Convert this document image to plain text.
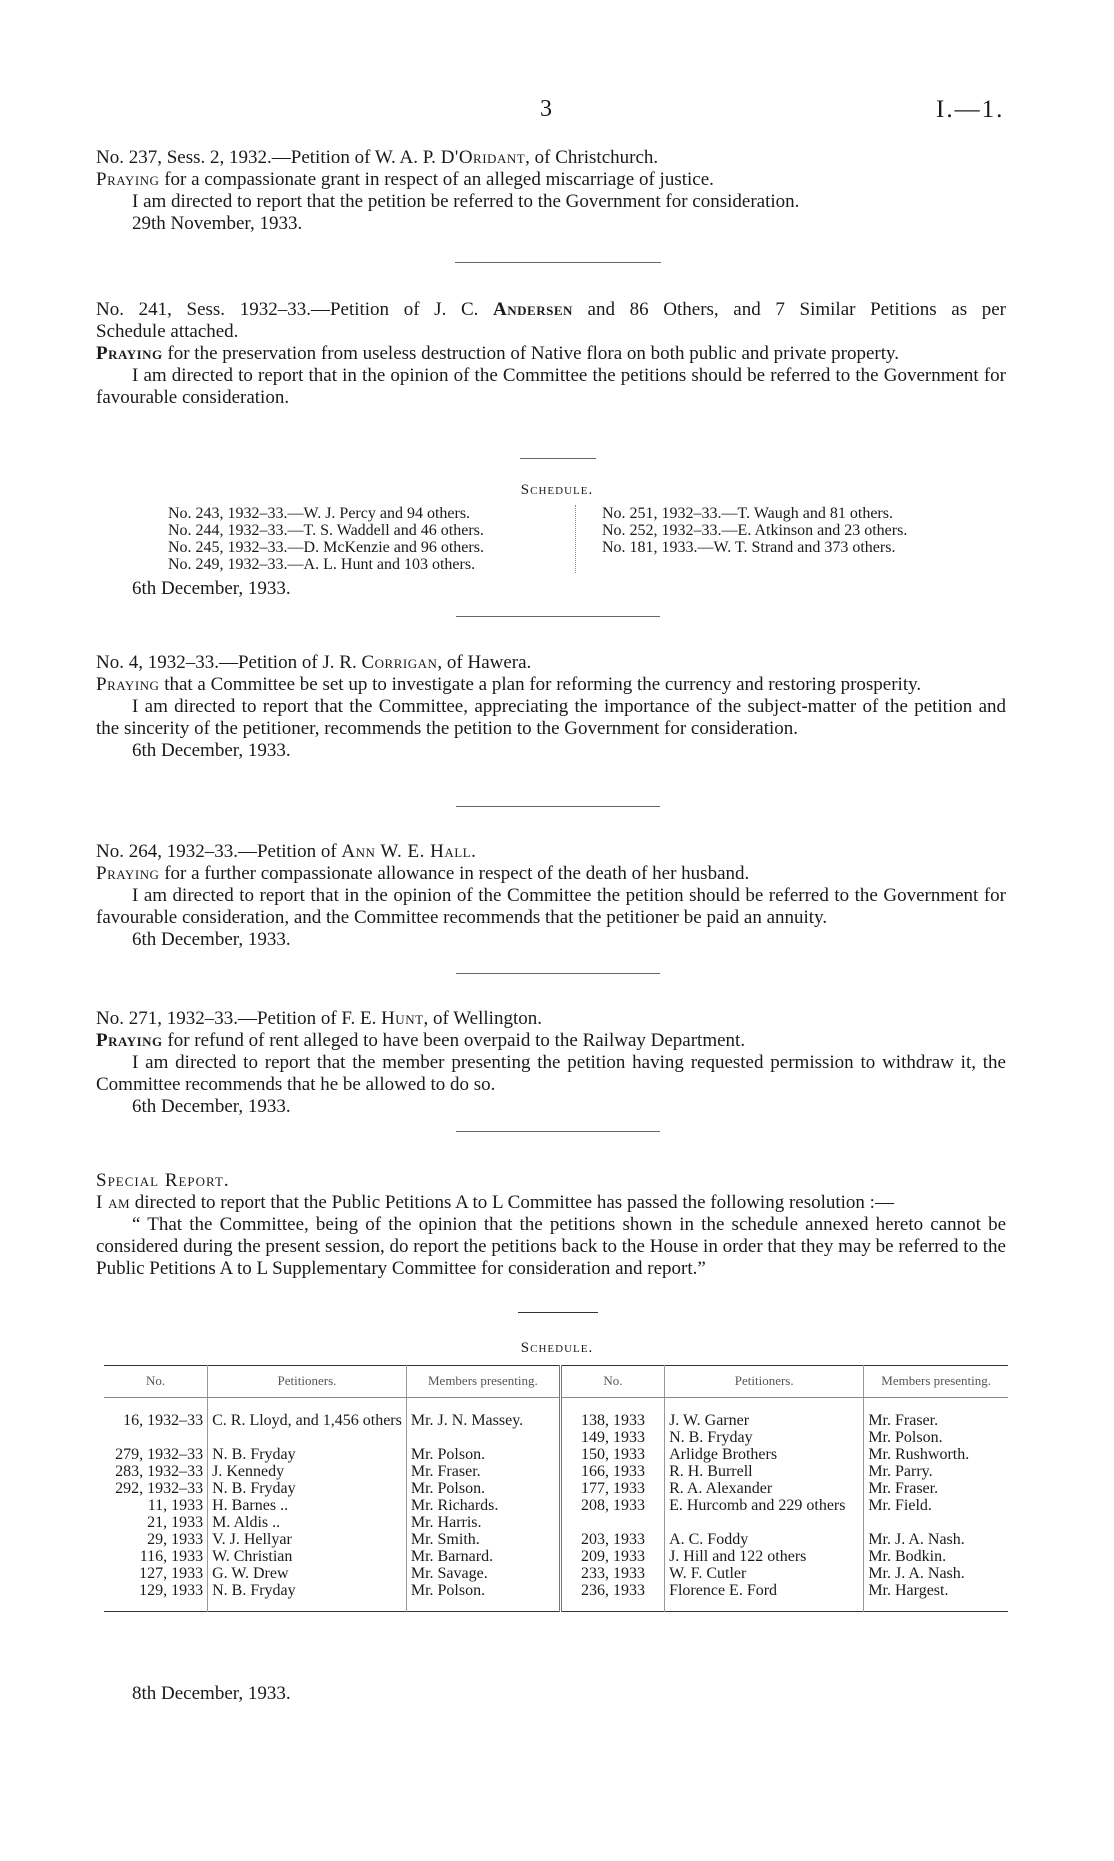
3	I.—1.

No. 237, Sess. 2, 1932.—Petition of W. A. P. D'Oridant, of Christchurch.

Praying for a compassionate grant in respect of an alleged miscarriage of justice.

I am directed to report that the petition be referred to the Government for consideration.

29th November, 1933.

No. 241, Sess. 1932–33.—Petition of J. C. Andersen and 86 Others, and 7 Similar Petitions as per

Schedule attached.

Praying for the preservation from useless destruction of Native flora on both public and private property.

I am directed to report that in the opinion of the Committee the petitions should be referred to the Government for favourable consideration.

Schedule.
No. 243, 1932–33.—W. J. Percy and 94 others.
No. 244, 1932–33.—T. S. Waddell and 46 others.
No. 245, 1932–33.—D. McKenzie and 96 others.
No. 249, 1932–33.—A. L. Hunt and 103 others.
No. 251, 1932–33.—T. Waugh and 81 others.
No. 252, 1932–33.—E. Atkinson and 23 others.
No. 181, 1933.—W. T. Strand and 373 others.

6th December, 1933.

No. 4, 1932–33.—Petition of J. R. Corrigan, of Hawera.

Praying that a Committee be set up to investigate a plan for reforming the currency and restoring prosperity.

I am directed to report that the Committee, appreciating the importance of the subject-matter of the petition and the sincerity of the petitioner, recommends the petition to the Government for consideration.

6th December, 1933.

No. 264, 1932–33.—Petition of Ann W. E. Hall.

Praying for a further compassionate allowance in respect of the death of her husband.

I am directed to report that in the opinion of the Committee the petition should be referred to the Government for favourable consideration, and the Committee recommends that the petitioner be paid an annuity.

6th December, 1933.

No. 271, 1932–33.—Petition of F. E. Hunt, of Wellington.

Praying for refund of rent alleged to have been overpaid to the Railway Department.

I am directed to report that the member presenting the petition having requested permission to withdraw it, the Committee recommends that he be allowed to do so.

6th December, 1933.

Special Report.

I am directed to report that the Public Petitions A to L Committee has passed the following resolution :—

“ That the Committee, being of the opinion that the petitions shown in the schedule annexed hereto cannot be considered during the present session, do report the petitions back to the House in order that they may be referred to the Public Petitions A to L Supplementary Committee for consideration and report.”

Schedule.
No.	Petitioners.	Members presenting.	No.	Petitioners.	Members presenting.
16, 1932–33	C. R. Lloyd, and 1,456 others	Mr. J. N. Massey.	138, 1933	J. W. Garner	Mr. Fraser.
			149, 1933	N. B. Fryday	Mr. Polson.
279, 1932–33	N. B. Fryday	Mr. Polson.	150, 1933	Arlidge Brothers	Mr. Rushworth.
283, 1932–33	J. Kennedy	Mr. Fraser.	166, 1933	R. H. Burrell	Mr. Parry.
292, 1932–33	N. B. Fryday	Mr. Polson.	177, 1933	R. A. Alexander	Mr. Fraser.
11, 1933	H. Barnes ..	Mr. Richards.	208, 1933	E. Hurcomb and 229 others	Mr. Field.
21, 1933	M. Aldis ..	Mr. Harris.			
29, 1933	V. J. Hellyar	Mr. Smith.	203, 1933	A. C. Foddy	Mr. J. A. Nash.
116, 1933	W. Christian	Mr. Barnard.	209, 1933	J. Hill and 122 others	Mr. Bodkin.
127, 1933	G. W. Drew	Mr. Savage.	233, 1933	W. F. Cutler	Mr. J. A. Nash.
129, 1933	N. B. Fryday	Mr. Polson.	236, 1933	Florence E. Ford	Mr. Hargest.

8th December, 1933.
